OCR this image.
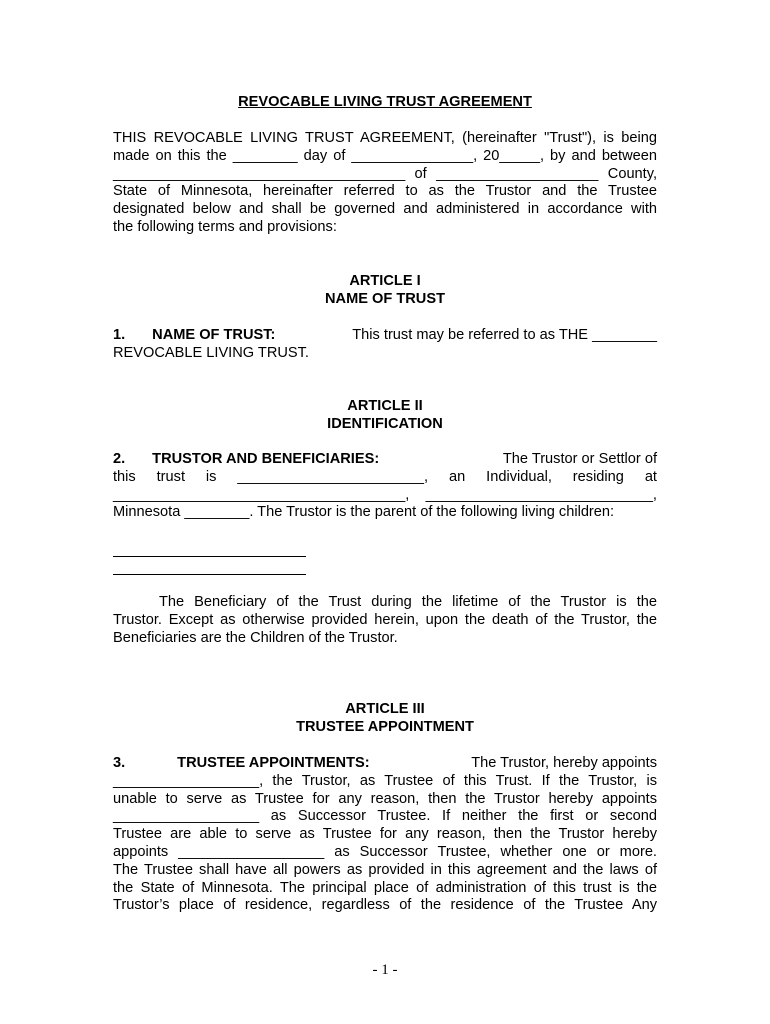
REVOCABLE LIVING TRUST AGREEMENT
THIS REVOCABLE LIVING TRUST AGREEMENT, (hereinafter "Trust"), is being
made on this the ________ day of _______________, 20_____, by and between
____________________________________ of ____________________ County,
State of Minnesota, hereinafter referred to as the Trustor and the Trustee
designated below and shall be governed and administered in accordance with
the following terms and provisions:
ARTICLE I
NAME OF TRUST
1. NAME OF TRUST:	This trust may be referred to as THE ________
REVOCABLE LIVING TRUST.
ARTICLE II
IDENTIFICATION
2. TRUSTOR AND BENEFICIARIES:	The Trustor or Settlor of
this trust is _______________________, an Individual, residing at
____________________________________, ____________________________,
Minnesota ________. The Trustor is the parent of the following living children:
The Beneficiary of the Trust during the lifetime of the Trustor is the
Trustor. Except as otherwise provided herein, upon the death of the Trustor, the
Beneficiaries are the Children of the Trustor.
ARTICLE III
TRUSTEE APPOINTMENT
3.	TRUSTEE APPOINTMENTS:	The Trustor, hereby appoints
__________________, the Trustor, as Trustee of this Trust. If the Trustor, is
unable to serve as Trustee for any reason, then the Trustor hereby appoints
__________________ as Successor Trustee. If neither the first or second
Trustee are able to serve as Trustee for any reason, then the Trustor hereby
appoints __________________ as Successor Trustee, whether one or more.
The Trustee shall have all powers as provided in this agreement and the laws of
the State of Minnesota. The principal place of administration of this trust is the
Trustor’s place of residence, regardless of the residence of the Trustee Any
- 1 -
